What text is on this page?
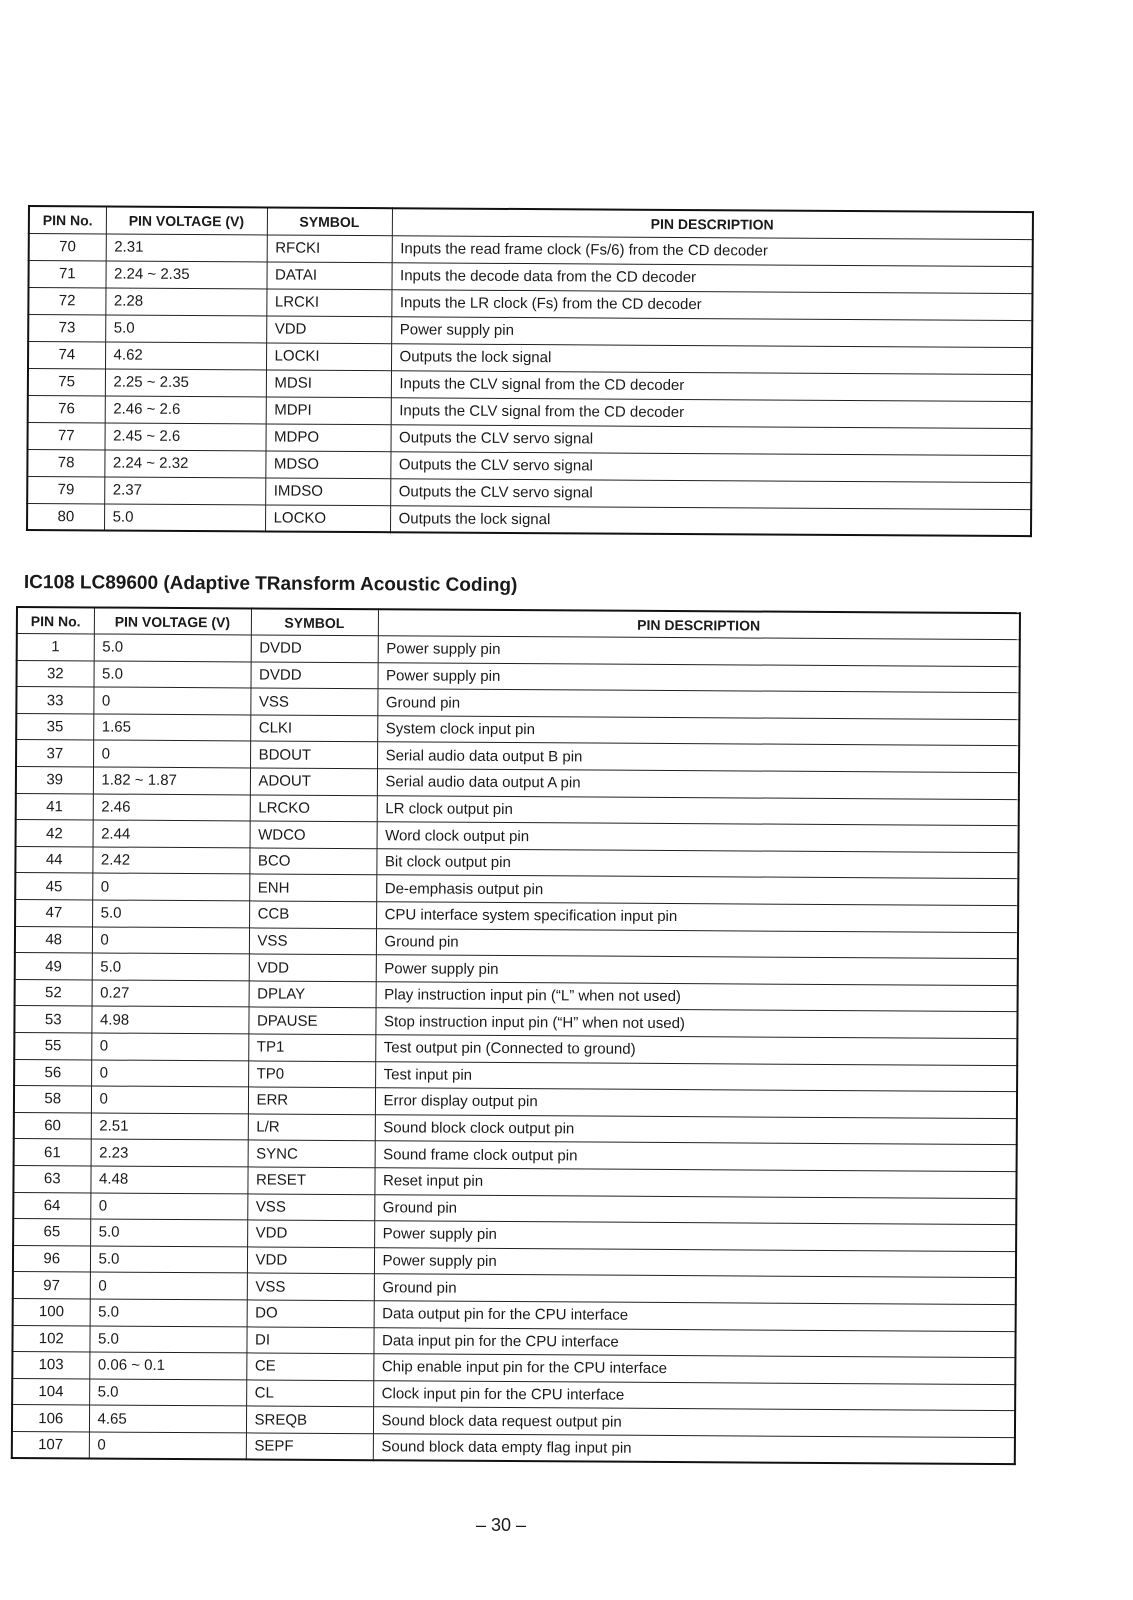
PIN No.	PIN VOLTAGE (V)	SYMBOL	PIN DESCRIPTION
70	2.31	RFCKI	Inputs the read frame clock (Fs/6) from the CD decoder
71	2.24 ~ 2.35	DATAI	Inputs the decode data from the CD decoder
72	2.28	LRCKI	Inputs the LR clock (Fs) from the CD decoder
73	5.0	VDD	Power supply pin
74	4.62	LOCKI	Outputs the lock signal
75	2.25 ~ 2.35	MDSI	Inputs the CLV signal from the CD decoder
76	2.46 ~ 2.6	MDPI	Inputs the CLV signal from the CD decoder
77	2.45 ~ 2.6	MDPO	Outputs the CLV servo signal
78	2.24 ~ 2.32	MDSO	Outputs the CLV servo signal
79	2.37	IMDSO	Outputs the CLV servo signal
80	5.0	LOCKO	Outputs the lock signal
IC108 LC89600 (Adaptive TRansform Acoustic Coding)
PIN No.	PIN VOLTAGE (V)	SYMBOL	PIN DESCRIPTION
1	5.0	DVDD	Power supply pin
32	5.0	DVDD	Power supply pin
33	0	VSS	Ground pin
35	1.65	CLKI	System clock input pin
37	0	BDOUT	Serial audio data output B pin
39	1.82 ~ 1.87	ADOUT	Serial audio data output A pin
41	2.46	LRCKO	LR clock output pin
42	2.44	WDCO	Word clock output pin
44	2.42	BCO	Bit clock output pin
45	0	ENH	De-emphasis output pin
47	5.0	CCB	CPU interface system specification input pin
48	0	VSS	Ground pin
49	5.0	VDD	Power supply pin
52	0.27	DPLAY	Play instruction input pin (“L” when not used)
53	4.98	DPAUSE	Stop instruction input pin (“H” when not used)
55	0	TP1	Test output pin (Connected to ground)
56	0	TP0	Test input pin
58	0	ERR	Error display output pin
60	2.51	L/R	Sound block clock output pin
61	2.23	SYNC	Sound frame clock output pin
63	4.48	RESET	Reset input pin
64	0	VSS	Ground pin
65	5.0	VDD	Power supply pin
96	5.0	VDD	Power supply pin
97	0	VSS	Ground pin
100	5.0	DO	Data output pin for the CPU interface
102	5.0	DI	Data input pin for the CPU interface
103	0.06 ~ 0.1	CE	Chip enable input pin for the CPU interface
104	5.0	CL	Clock input pin for the CPU interface
106	4.65	SREQB	Sound block data request output pin
107	0	SEPF	Sound block data empty flag input pin
– 30 –
